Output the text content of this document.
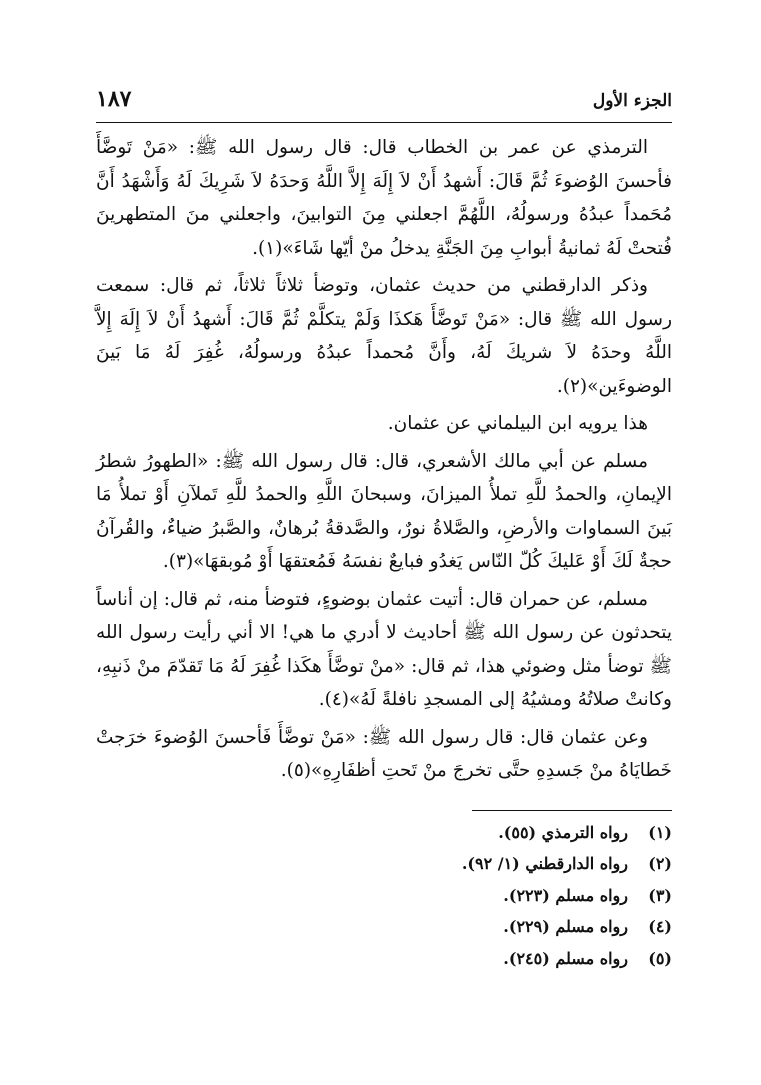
الجزء الأول
١٨٧

الترمذي عن عمر بن الخطاب قال: قال رسول الله ﷺ: «مَنْ تَوضَّأَ فأحسنَ الوُضوءَ ثُمَّ قَالَ: أَشهدُ أَنْ لاَ إِلَهَ إِلاَّ اللَّهُ وَحدَهُ لاَ شَرِيكَ لَهُ وَأَشْهَدُ أَنَّ مُحَمداً عبدُهُ ورسولُهُ، اللَّهُمَّ اجعلني مِنَ التوابينَ، واجعلني منَ المتطهرينَ فُتحتْ لَهُ ثمانيةُ أبوابِ مِنَ الجَنَّةِ يدخلُ منْ أيّها شَاءَ»(١).

وذكر الدارقطني من حديث عثمان، وتوضأ ثلاثاً ثلاثاً، ثم قال: سمعت رسول الله ﷺ قال: «مَنْ تَوضَّأَ هَكذَا وَلَمْ يتكلَّمْ ثُمَّ قَالَ: أَشهدُ أَنْ لاَ إِلَهَ إِلاَّ اللَّهُ وحدَهُ لاَ شريكَ لَهُ، وأَنَّ مُحمداً عبدُهُ ورسولُهُ، غُفِرَ لَهُ مَا بَينَ الوضوءَين»(٢).

هذا يرويه ابن البيلماني عن عثمان.

مسلم عن أبي مالك الأشعري، قال: قال رسول الله ﷺ: «الطهورُ شطرُ الإيمانِ، والحمدُ للَّهِ تملأُ الميزانَ، وسبحانَ اللَّهِ والحمدُ للَّهِ تَملآنِ أَوْ تملأُ مَا بَينَ السماوات والأرضِ، والصَّلاةُ نورٌ، والصَّدقةُ بُرهانٌ، والصَّبرُ ضياءٌ، والقُرآنُ حجةٌ لَكَ أَوْ عَليكَ كُلّ النّاس يَغدُو فبايعٌ نفسَهُ فَمُعتقهَا أَوْ مُوبقهَا»(٣).

مسلم، عن حمران قال: أتيت عثمان بوضوءٍ، فتوضأ منه، ثم قال: إن أناساً يتحدثون عن رسول الله ﷺ أحاديث لا أدري ما هي! الا أني رأيت رسول الله ﷺ توضأ مثل وضوئي هذا، ثم قال: «منْ توضَّأَ هكَذا غُفِرَ لَهُ مَا تَقدّمَ منْ ذَنبِهِ، وكانتْ صلاتُهُ ومشيُهُ إلى المسجدِ نافلةً لَهُ»(٤).

وعن عثمان قال: قال رسول الله ﷺ: «مَنْ توضَّأَ فَأحسنَ الوُضوءَ خرَجتْ خَطايَاهُ منْ جَسدِهِ حتَّى تخرجَ منْ تَحتِ أظفَارِهِ»(٥).

(١)
رواه الترمذي (٥٥).
(٢)
رواه الدارقطني (١/ ٩٢).
(٣)
رواه مسلم (٢٢٣).
(٤)
رواه مسلم (٢٢٩).
(٥)
رواه مسلم (٢٤٥).
